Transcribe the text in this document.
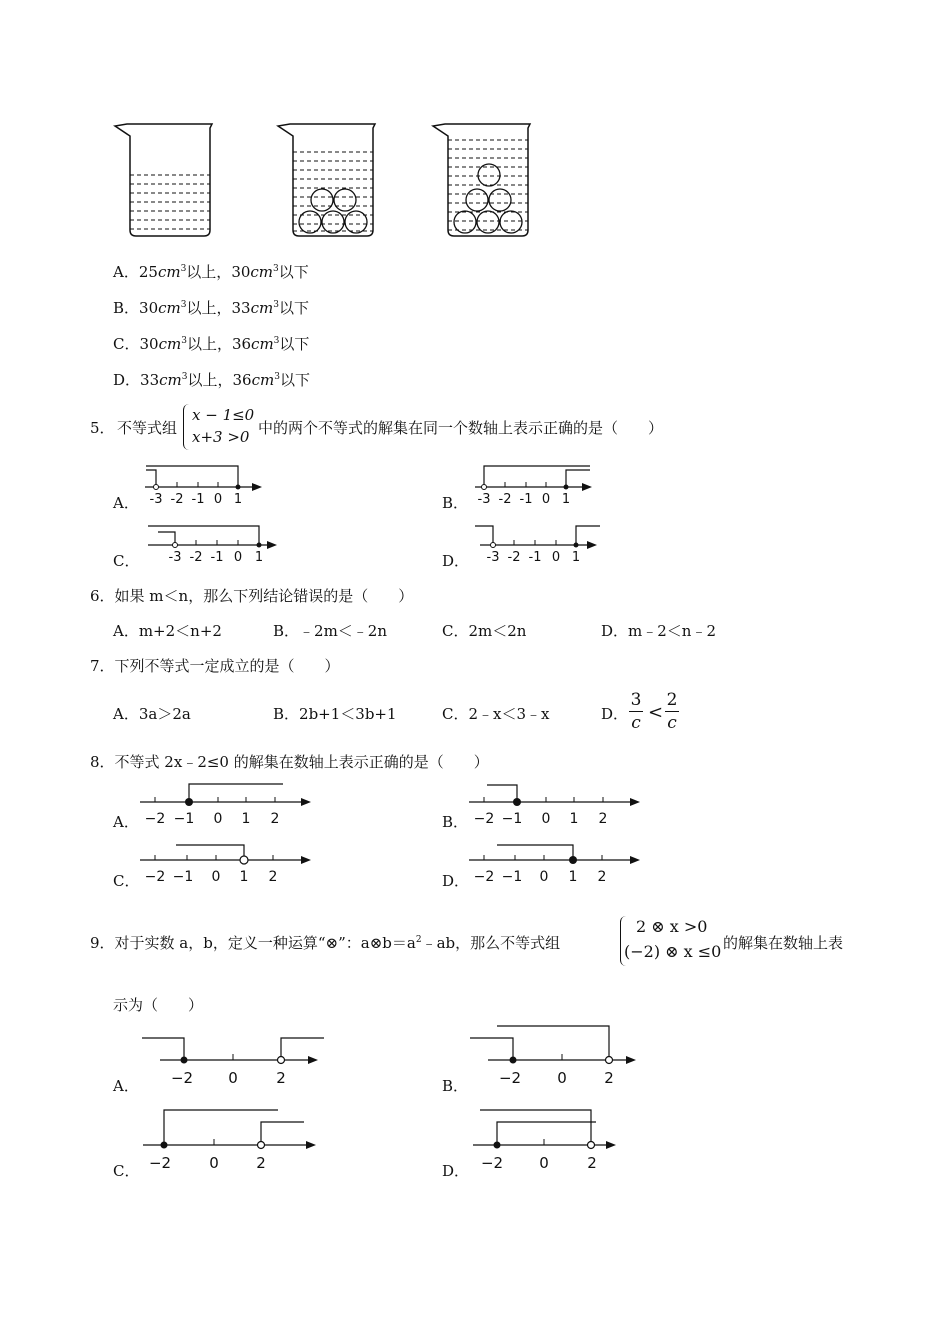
A．$25cm^3$以上，$30cm^3$以下
B．$30cm^3$以上，$33cm^3$以下
C．$30cm^3$以上，$36cm^3$以下
D．$33cm^3$以上，$36cm^3$以下
5． 不等式组
x − 1≤0
x+3 >0 中的两个不等式的解集在同一个数轴上表示正确的是（　　）
A．	B．
C．	D．
-3 -2 -1 0 1	-3 -2 -1 0 1
-3 -2 -1 0 1	-3 -2 -1 0 1
6．如果 m＜n，那么下列结论错误的是（　　）
A．m+2＜n+2	B．﹣2m＜﹣2n	C．2m＜2n	D．m﹣2＜n﹣2
7．下列不等式一定成立的是（　　）
A．3a＞2a	B．2b+1＜3b+1	C．2﹣x＜3﹣x	D．
3
c <
2
c
8．不等式 2x﹣2≤0 的解集在数轴上表示正确的是（　　）
A．	B．
C．	D．
−2 −1 0 1 2	−2 −1 0 1 2
−2 −1 0 1 2	−2 −1 0 1 2
9．对于实数 a，b，定义一种运算“⊗”：$a\otimes b=a^2﹣ab$，那么不等式组
2 ⊗ x >0
(−2) ⊗ x ≤0 的解集在数轴上表
示为（　　）
A．	B．
C．	D．
−2 0	2	−2 0 2
−2	0 2	−2 0	2
